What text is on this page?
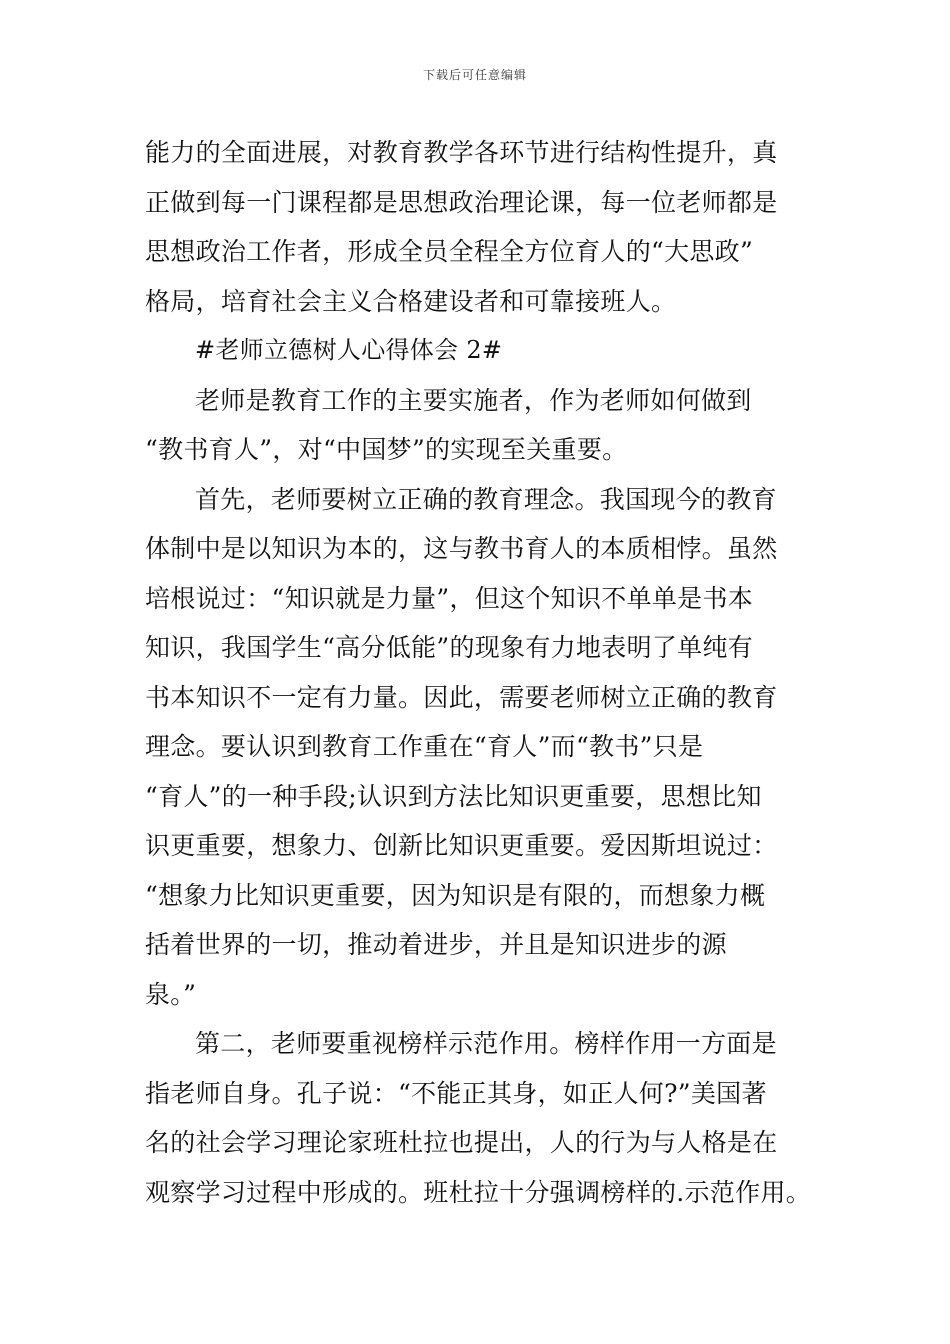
下载后可任意编辑
能力的全面进展，对教育教学各环节进行结构性提升，真
正做到每一门课程都是思想政治理论课，每一位老师都是
思想政治工作者，形成全员全程全方位育人的“大思政”
格局，培育社会主义合格建设者和可靠接班人。
#老师立德树人心得体会 2#
老师是教育工作的主要实施者，作为老师如何做到
“教书育人”，对“中国梦”的实现至关重要。
首先，老师要树立正确的教育理念。我国现今的教育
体制中是以知识为本的，这与教书育人的本质相悖。虽然
培根说过：“知识就是力量”，但这个知识不单单是书本
知识，我国学生“高分低能”的现象有力地表明了单纯有
书本知识不一定有力量。因此，需要老师树立正确的教育
理念。要认识到教育工作重在“育人”而“教书”只是
“育人”的一种手段;认识到方法比知识更重要，思想比知
识更重要，想象力、创新比知识更重要。爱因斯坦说过：
“想象力比知识更重要，因为知识是有限的，而想象力概
括着世界的一切，推动着进步，并且是知识进步的源
泉。”
第二，老师要重视榜样示范作用。榜样作用一方面是
指老师自身。孔子说：“不能正其身，如正人何?”美国著
名的社会学习理论家班杜拉也提出，人的行为与人格是在
观察学习过程中形成的。班杜拉十分强调榜样的.示范作用。
